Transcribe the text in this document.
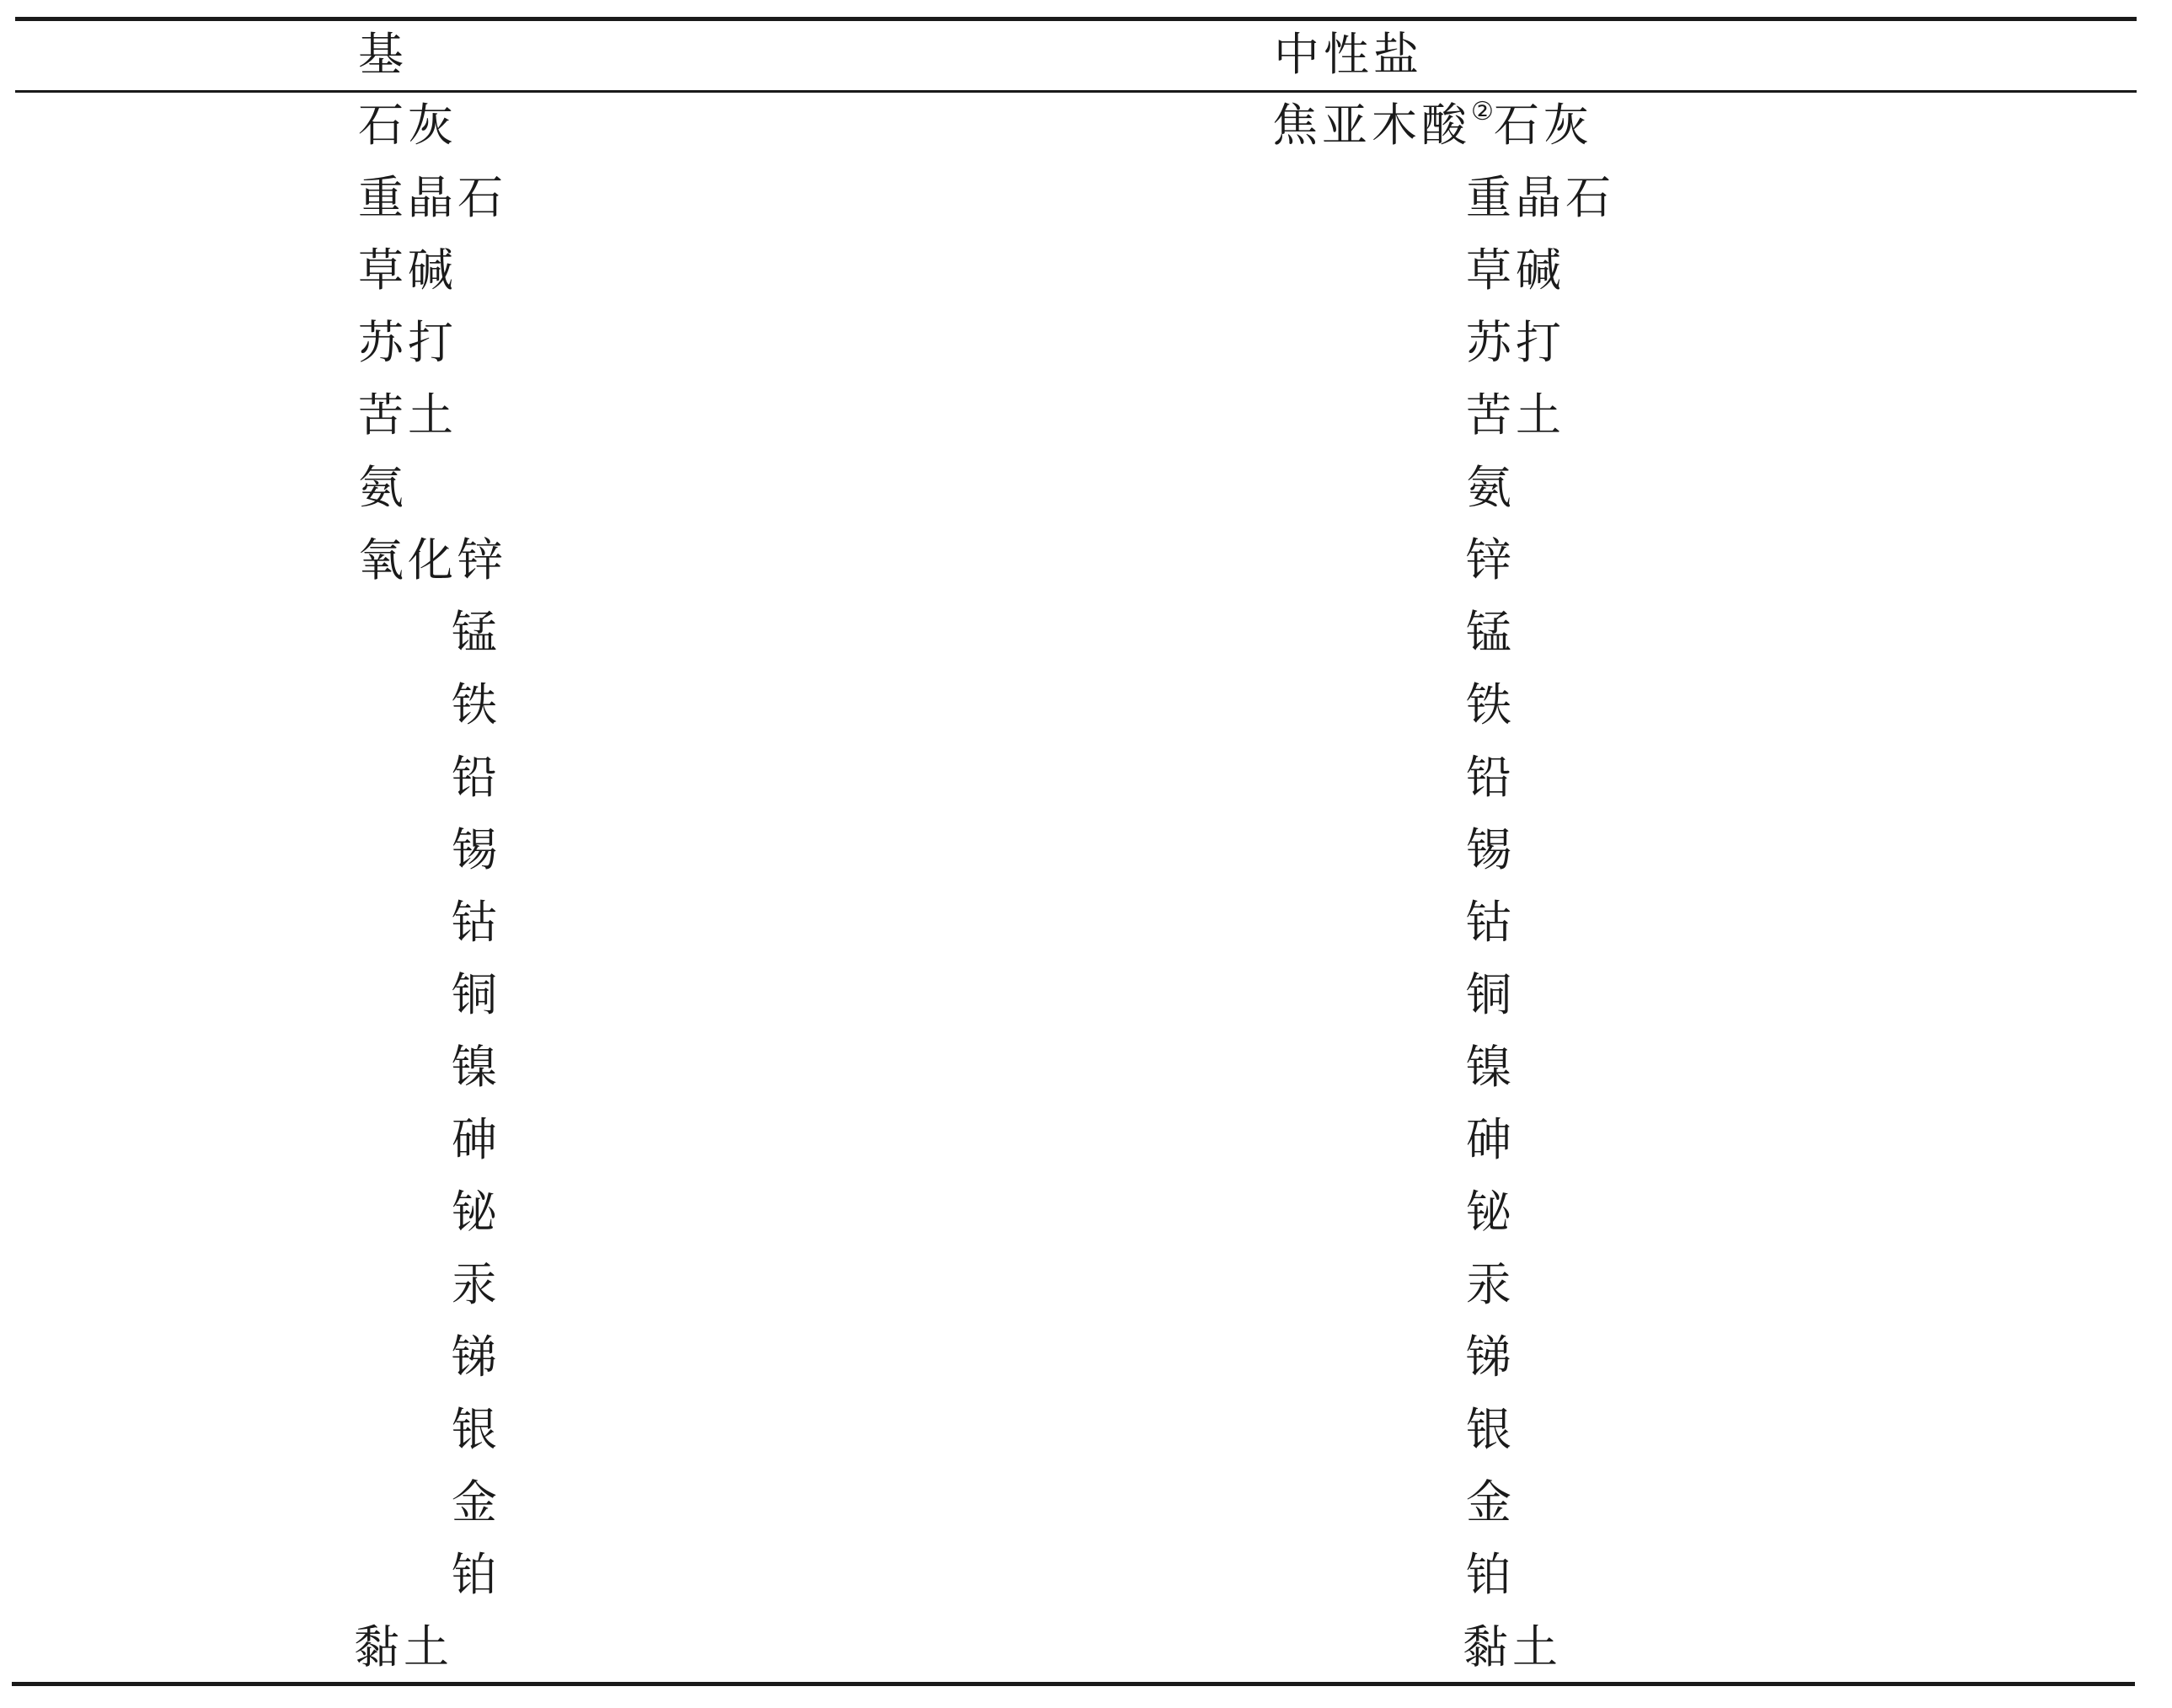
基	中性盐
石灰	焦亚木酸②石灰
重晶石	重晶石
草碱	草碱
苏打	苏打
苦土	苦土
氨	氨
氧化锌	锌
锰	锰
铁	铁
铅	铅
锡	锡
钴	钴
铜	铜
镍	镍
砷	砷
铋	铋
汞	汞
锑	锑
银	银
金	金
铂	铂
黏土	黏土
